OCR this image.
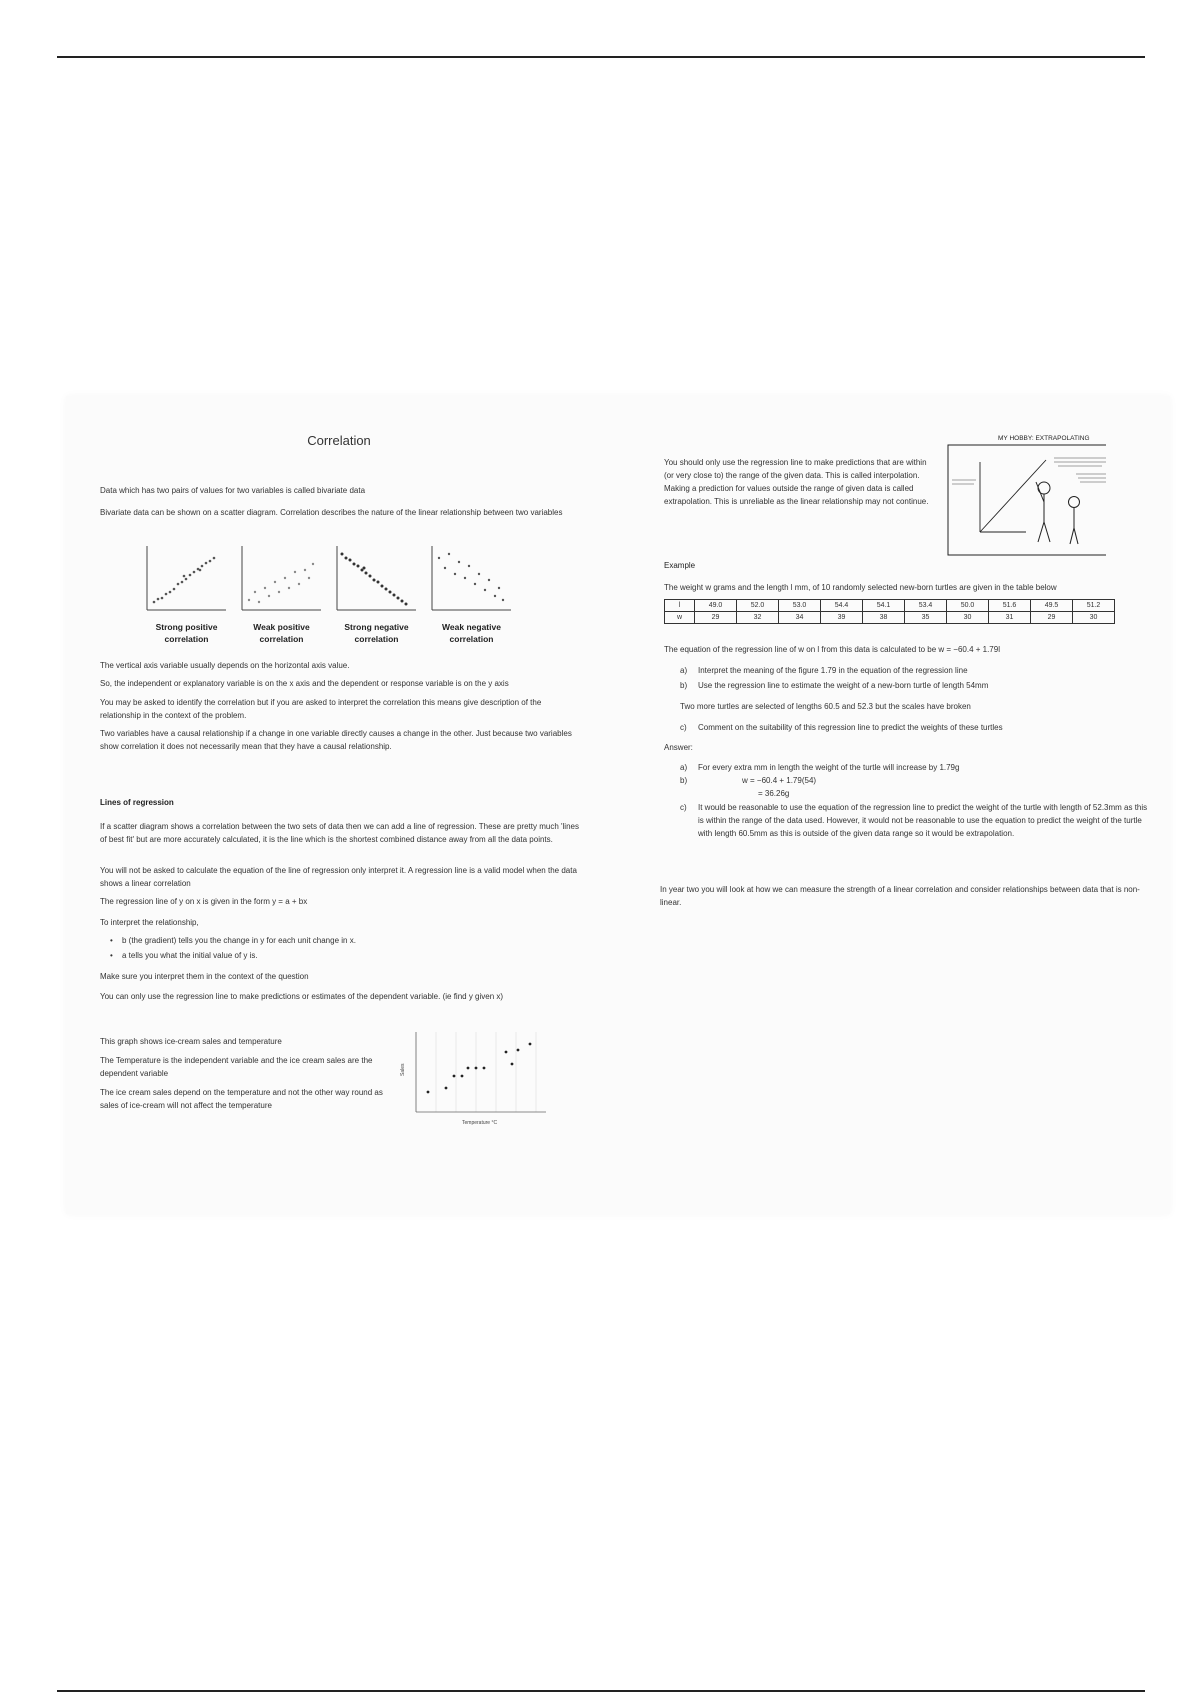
Correlation
Data which has two pairs of values for two variables is called bivariate data
Bivariate data can be shown on a scatter diagram. Correlation describes the nature of the linear relationship between two variables
Strong positive correlation
Weak positive correlation
Strong negative correlation
Weak negative correlation
The vertical axis variable usually depends on the horizontal axis value.
So, the independent or explanatory variable is on the x axis and the dependent or response variable is on the y axis
You may be asked to identify the correlation but if you are asked to interpret the correlation this means give description of the relationship in the context of the problem.
Two variables have a causal relationship if a change in one variable directly causes a change in the other. Just because two variables show correlation it does not necessarily mean that they have a causal relationship.
Lines of regression
If a scatter diagram shows a correlation between the two sets of data then we can add a line of regression. These are pretty much 'lines of best fit' but are more accurately calculated, it is the line which is the shortest combined distance away from all the data points.
You will not be asked to calculate the equation of the line of regression only interpret it. A regression line is a valid model when the data shows a linear correlation
The regression line of y on x is given in the form y = a + bx
To interpret the relationship,
• b (the gradient) tells you the change in y for each unit change in x.
• a tells you what the initial value of y is.
Make sure you interpret them in the context of the question
You can only use the regression line to make predictions or estimates of the dependent variable. (ie find y given x)
This graph shows ice-cream sales and temperature
The Temperature is the independent variable and the ice cream sales are the dependent variable
The ice cream sales depend on the temperature and not the other way round as sales of ice-cream will not affect the temperature
Sales
Temperature °C
You should only use the regression line to make predictions that are within (or very close to) the range of the given data. This is called interpolation. Making a prediction for values outside the range of given data is called extrapolation. This is unreliable as the linear relationship may not continue.
MY HOBBY: EXTRAPOLATING
Example
The weight w grams and the length l mm, of 10 randomly selected new-born turtles are given in the table below
l	49.0	52.0	53.0	54.4	54.1	53.4	50.0	51.6	49.5	51.2
w	29	32	34	39	38	35	30	31	29	30
The equation of the regression line of w on l from this data is calculated to be w = −60.4 + 1.79l
a) Interpret the meaning of the figure 1.79 in the equation of the regression line
b) Use the regression line to estimate the weight of a new-born turtle of length 54mm
Two more turtles are selected of lengths 60.5 and 52.3 but the scales have broken
c) Comment on the suitability of this regression line to predict the weights of these turtles
Answer:
a) For every extra mm in length the weight of the turtle will increase by 1.79g
b)	w = −60.4 + 1.79(54)
= 36.26g
c) It would be reasonable to use the equation of the regression line to predict the weight of the turtle with length of 52.3mm as this is within the range of the data used. However, it would not be reasonable to use the equation to predict the weight of the turtle with length 60.5mm as this is outside of the given data range so it would be extrapolation.
In year two you will look at how we can measure the strength of a linear correlation and consider relationships between data that is non-linear.
